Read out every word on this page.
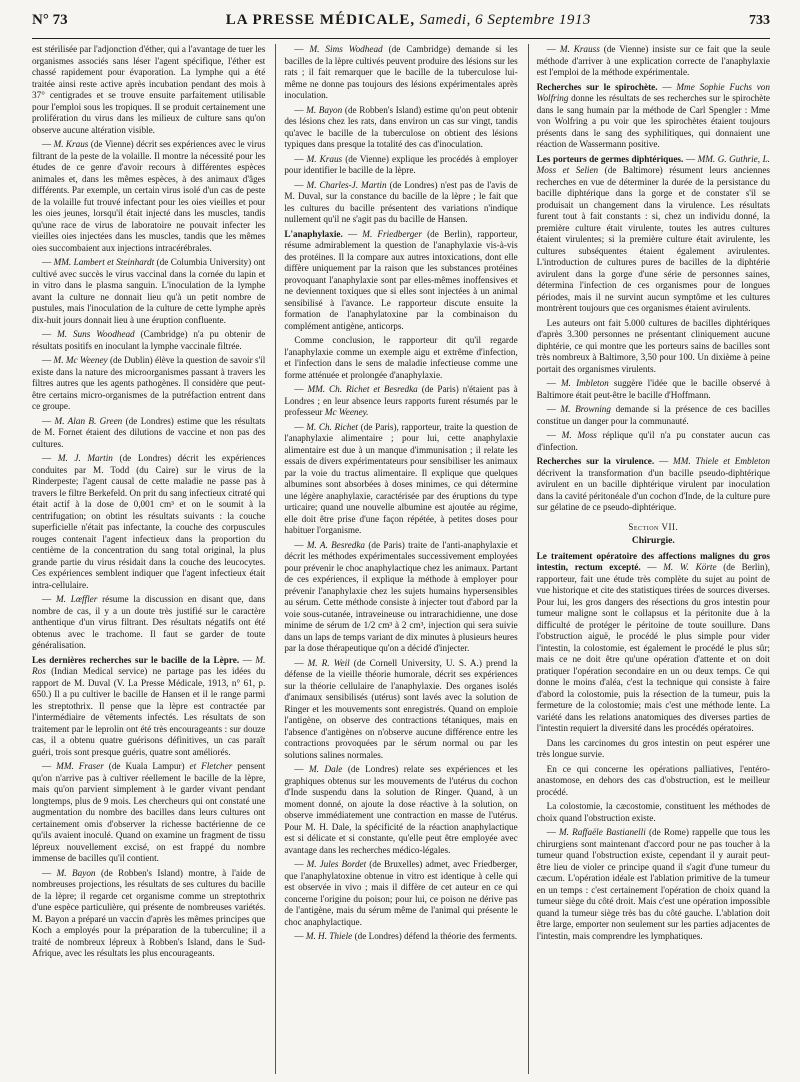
N° 73	LA PRESSE MÉDICALE, Samedi, 6 Septembre 1913	733

est stérilisée par l'adjonction d'éther, qui a l'avantage de tuer les organismes associés sans léser l'agent spécifique, l'éther est chassé rapidement pour évaporation. La lymphe qui a été traitée ainsi reste active après incubation pendant des mois à 37° centigrades et se trouve ensuite parfaitement utilisable pour l'emploi sous les tropiques. Il se produit certainement une prolifération du virus dans les milieux de culture sans qu'on observe aucune altération visible.

— M. Kraus (de Vienne) décrit ses expériences avec le virus filtrant de la peste de la volaille. Il montre la nécessité pour les études de ce genre d'avoir recours à différentes espèces animales et, dans les mêmes espèces, à des animaux d'âges différents. Par exemple, un certain virus isolé d'un cas de peste de la volaille fut trouvé infectant pour les oies vieilles et pour les oies jeunes, lorsqu'il était injecté dans les muscles, tandis qu'une race de virus de laboratoire ne pouvait infecter les vieilles oies injectées dans les muscles, tandis que les mêmes oies succombaient aux injections intracérébrales.

— MM. Lambert et Steinhardt (de Columbia University) ont cultivé avec succès le virus vaccinal dans la cornée du lapin et in vitro dans le plasma sanguin. L'inoculation de la lymphe avant la culture ne donnait lieu qu'à un petit nombre de pustules, mais l'inoculation de la culture de cette lymphe après dix-huit jours donnait lieu à une éruption confluente.

— M. Suns Woodhead (Cambridge) n'a pu obtenir de résultats positifs en inoculant la lymphe vaccinale filtrée.

— M. Mc Weeney (de Dublin) élève la question de savoir s'il existe dans la nature des microorganismes passant à travers les filtres autres que les agents pathogènes. Il considère que peut-être certains micro-organismes de la putréfaction entrent dans ce groupe.

— M. Alan B. Green (de Londres) estime que les résultats de M. Fornet étaient des dilutions de vaccine et non pas des cultures.

— M. J. Martin (de Londres) décrit les expériences conduites par M. Todd (du Caire) sur le virus de la Rinderpeste; l'agent causal de cette maladie ne passe pas à travers le filtre Berkefeld. On prit du sang infectieux citraté qui était actif à la dose de 0,001 cm³ et on le soumit à la centrifugation; on obtint les résultats suivants : la couche superficielle n'était pas infectante, la couche des corpuscules rouges contenait l'agent infectieux dans la proportion du centième de la concentration du sang total original, la plus grande partie du virus résidait dans la couche des leucocytes. Ces expériences semblent indiquer que l'agent infectieux était intra-cellulaire.

— M. Lœffler résume la discussion en disant que, dans nombre de cas, il y a un doute très justifié sur le caractère anthentique d'un virus filtrant. Des résultats négatifs ont été obtenus avec le trachome. Il faut se garder de toute généralisation.

Les dernières recherches sur le bacille de la Lèpre. — M. Ros (Indian Medical service) ne partage pas les idées du rapport de M. Duval (V. La Presse Médicale, 1913, n° 61, p. 650.) Il a pu cultiver le bacille de Hansen et il le range parmi les streptothrix. Il pense que la lèpre est contractée par l'intermédiaire de vêtements infectés. Les résultats de son traitement par le leprolin ont été très encourageants : sur douze cas, il a obtenu quatre guérisons définitives, un cas paraît guéri, trois sont presque guéris, quatre sont améliorés.

— MM. Fraser (de Kuala Lampur) et Fletcher pensent qu'on n'arrive pas à cultiver réellement le bacille de la lèpre, mais qu'on parvient simplement à le garder vivant pendant longtemps, plus de 9 mois. Les chercheurs qui ont constaté une augmentation du nombre des bacilles dans leurs cultures ont certainement omis d'observer la richesse bactérienne de ce qu'ils avaient inoculé. Quand on examine un fragment de tissu lépreux nouvellement excisé, on est frappé du nombre immense de bacilles qu'il contient.

— M. Bayon (de Robben's Island) montre, à l'aide de nombreuses projections, les résultats de ses cultures du bacille de la lèpre; il regarde cet organisme comme un streptothrix d'une espèce particulière, qui présente de nombreuses variétés. M. Bayon a préparé un vaccin d'après les mêmes principes que Koch a employés pour la préparation de la tuberculine; il a traité de nombreux lépreux à Robben's Island, dans le Sud-Afrique, avec les résultats les plus encourageants.

— M. Sims Wodhead (de Cambridge) demande si les bacilles de la lèpre cultivés peuvent produire des lésions sur les rats ; il fait remarquer que le bacille de la tuberculose lui-même ne donne pas toujours des lésions expérimentales après inoculation.

— M. Bayon (de Robben's Island) estime qu'on peut obtenir des lésions chez les rats, dans environ un cas sur vingt, tandis qu'avec le bacille de la tuberculose on obtient des lésions typiques dans presque la totalité des cas d'inoculation.

— M. Kraus (de Vienne) explique les procédés à employer pour identifier le bacille de la lèpre.

— M. Charles-J. Martin (de Londres) n'est pas de l'avis de M. Duval, sur la constance du bacille de la lèpre ; le fait que les cultures du bacille présentent des variations n'indique nullement qu'il ne s'agit pas du bacille de Hansen.

L'anaphylaxie. — M. Friedberger (de Berlin), rapporteur, résume admirablement la question de l'anaphylaxie vis-à-vis des protéines. Il la compare aux autres intoxications, dont elle diffère uniquement par la raison que les substances protéines provoquant l'anaphylaxie sont par elles-mêmes inoffensives et ne deviennent toxiques que si elles sont injectées à un animal sensibilisé à l'avance. Le rapporteur discute ensuite la formation de l'anaphylatoxine par la combinaison du complément antigène, anticorps.

Comme conclusion, le rapporteur dit qu'il regarde l'anaphylaxie comme un exemple aigu et extrême d'infection, et l'infection dans le sens de maladie infectieuse comme une forme atténuée et prolongée d'anaphylaxie.

— MM. Ch. Richet et Besredka (de Paris) n'étaient pas à Londres ; en leur absence leurs rapports furent résumés par le professeur Mc Weeney.

— M. Ch. Richet (de Paris), rapporteur, traite la question de l'anaphylaxie alimentaire ; pour lui, cette anaphylaxie alimentaire est due à un manque d'immunisation ; il relate les essais de divers expérimentateurs pour sensibiliser les animaux par la voie du tractus alimentaire. Il explique que quelques albumines sont absorbées à doses minimes, ce qui détermine une légère anaphylaxie, caractérisée par des éruptions du type urticaire; quand une nouvelle albumine est ajoutée au régime, elle doit être prise d'une façon répétée, à petites doses pour habituer l'organisme.

— M. A. Besredka (de Paris) traite de l'anti-anaphylaxie et décrit les méthodes expérimentales successivement employées pour prévenir le choc anaphylactique chez les animaux. Partant de ces expériences, il explique la méthode à employer pour prévenir l'anaphylaxie chez les sujets humains hypersensibles au sérum. Cette méthode consiste à injecter tout d'abord par la voie sous-cutanée, intraveineuse ou intrarachidienne, une dose minime de sérum de 1/2 cm³ à 2 cm³, injection qui sera suivie dans un laps de temps variant de dix minutes à plusieurs heures par la dose thérapeutique qu'on a décidé d'injecter.

— M. R. Weil (de Cornell University, U. S. A.) prend la défense de la vieille théorie humorale, décrit ses expériences sur la théorie cellulaire de l'anaphylaxie. Des organes isolés d'animaux sensibilisés (utérus) sont lavés avec la solution de Ringer et les mouvements sont enregistrés. Quand on emploie l'antigène, on observe des contractions tétaniques, mais en l'absence d'antigènes on n'observe aucune différence entre les contractions provoquées par le sérum normal ou par les solutions salines normales.

— M. Dale (de Londres) relate ses expériences et les graphiques obtenus sur les mouvements de l'utérus du cochon d'Inde suspendu dans la solution de Ringer. Quand, à un moment donné, on ajoute la dose réactive à la solution, on observe immédiatement une contraction en masse de l'utérus. Pour M. H. Dale, la spécificité de la réaction anaphylactique est si délicate et si constante, qu'elle peut être employée avec avantage dans les recherches médico-légales.

— M. Jules Bordet (de Bruxelles) admet, avec Friedberger, que l'anaphylatoxine obtenue in vitro est identique à celle qui est observée in vivo ; mais il diffère de cet auteur en ce qui concerne l'origine du poison; pour lui, ce poison ne dérive pas de l'antigène, mais du sérum même de l'animal qui présente le choc anaphylactique.

— M. H. Thiele (de Londres) défend la théorie des ferments.

— M. Krauss (de Vienne) insiste sur ce fait que la seule méthode d'arriver à une explication correcte de l'anaphylaxie est l'emploi de la méthode expérimentale.

Recherches sur le spirochète. — Mme Sophie Fuchs von Wolfring donne les résultats de ses recherches sur le spirochète dans le sang humain par la méthode de Carl Spengler : Mme von Wolfring a pu voir que les spirochètes étaient toujours présents dans le sang des syphilitiques, qui donnaient une réaction de Wassermann positive.

Les porteurs de germes diphtériques. — MM. G. Guthrie, L. Moss et Selien (de Baltimore) résument leurs anciennes recherches en vue de déterminer la durée de la persistance du bacille diphtérique dans la gorge et de constater s'il se produisait un changement dans la virulence. Les résultats furent tout à fait constants : si, chez un individu donné, la première culture était virulente, toutes les autres cultures étaient virulentes; si la première culture était avirulente, les cultures subséquentes étaient également avirulentes. L'introduction de cultures pures de bacilles de la diphtérie avirulent dans la gorge d'une série de personnes saines, détermina l'infection de ces organismes pour de longues périodes, mais il ne survint aucun symptôme et les cultures montrèrent toujours que ces organismes étaient avirulents.

Les auteurs ont fait 5.000 cultures de bacilles diphtériques d'après 3.300 personnes ne présentant cliniquement aucune diphtérie, ce qui montre que les porteurs sains de bacilles sont très nombreux à Baltimore, 3,50 pour 100. Un dixième à peine portait des organismes virulents.

— M. Imbleton suggère l'idée que le bacille observé à Baltimore était peut-être le bacille d'Hoffmann.

— M. Browning demande si la présence de ces bacilles constitue un danger pour la communauté.

— M. Moss réplique qu'il n'a pu constater aucun cas d'infection.

Recherches sur la virulence. — MM. Thiele et Embleton décrivent la transformation d'un bacille pseudo-diphtérique avirulent en un bacille diphtérique virulent par inoculation dans la cavité péritonéale d'un cochon d'Inde, de la culture pure sur gélatine de ce pseudo-diphtérique.

Section VII.
Chirurgie.

Le traitement opératoire des affections malignes du gros intestin, rectum excepté. — M. W. Körte (de Berlin), rapporteur, fait une étude très complète du sujet au point de vue historique et cite des statistiques tirées de sources diverses. Pour lui, les gros dangers des résections du gros intestin pour tumeur maligne sont le collapsus et la péritonite due à la difficulté de protéger le péritoine de toute souillure. Dans l'obstruction aiguë, le procédé le plus simple pour vider l'intestin, la colostomie, est également le procédé le plus sûr; mais ce ne doit être qu'une opération d'attente et on doit pratiquer l'opération secondaire en un ou deux temps. Ce qui donne le moins d'aléa, c'est la technique qui consiste à faire d'abord la colostomie, puis la résection de la tumeur, puis la fermeture de la colostomie; mais c'est une méthode lente. La variété dans les relations anatomiques des diverses parties de l'intestin requiert la diversité dans les procédés opératoires.

Dans les carcinomes du gros intestin on peut espérer une très longue survie.

En ce qui concerne les opérations palliatives, l'entéro-anastomose, en dehors des cas d'obstruction, est le meilleur procédé.

La colostomie, la cæcostomie, constituent les méthodes de choix quand l'obstruction existe.

— M. Raffaële Bastianelli (de Rome) rappelle que tous les chirurgiens sont maintenant d'accord pour ne pas toucher à la tumeur quand l'obstruction existe, cependant il y aurait peut-être lieu de violer ce principe quand il s'agit d'une tumeur du cæcum. L'opération idéale est l'ablation primitive de la tumeur en un temps : c'est certainement l'opération de choix quand la tumeur siège du côté droit. Mais c'est une opération impossible quand la tumeur siège très bas du côté gauche. L'ablation doit être large, emporter non seulement sur les parties adjacentes de l'intestin, mais comprendre les lymphatiques.
